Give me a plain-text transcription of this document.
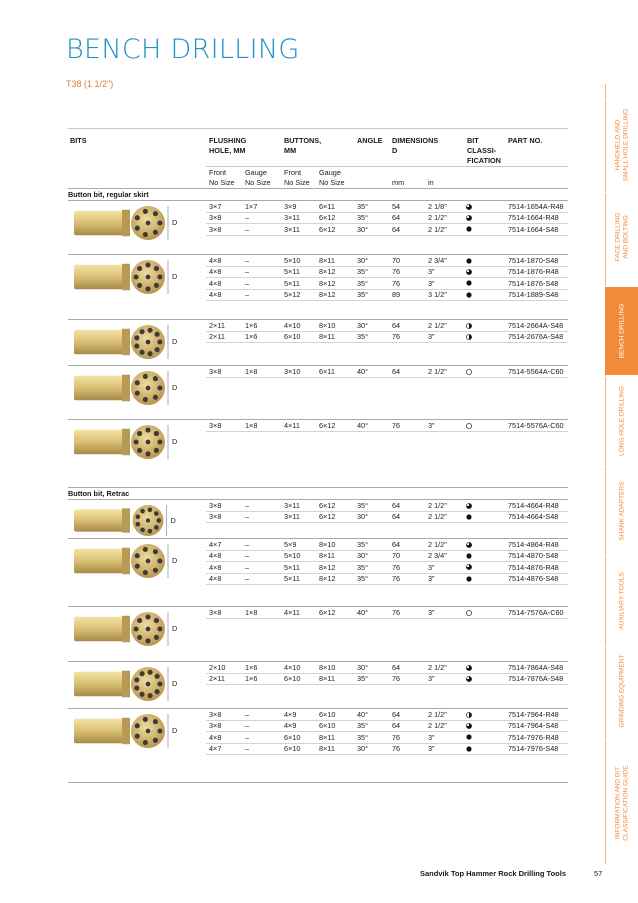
BENCH DRILLING
T38 (1 1/2")
BITS	FLUSHING
HOLE, MM
BUTTONS,
MM
ANGLE DIMENSIONS
D
BIT
CLASSI-
FICATION
PART NO.
Front
No Size
Gauge
No Size
Front
No Size
Gauge
No Size	mm	in
Button bit, regular skirt
D
3×7	1×7	3×9	6×11	35°	54	2 1/8"	7514-1654A-R48
3×8	–	3×11	6×12	35°	64	2 1/2"	7514-1664-R48
3×8	–	3×11	6×12	30°	64	2 1/2"	7514-1664-S48
D
4×8	–	5×10	8×11	30°	70	2 3/4"	7514-1870-S48
4×8	–	5×11	8×12	35°	76	3"	7514-1876-R48
4×8	–	5×11	8×12	35°	76	3"	7514-1876-S48
4×8	–	5×12	8×12	35°	89	3 1/2"	7514-1889-S48
D
2×11	1×6	4×10	8×10	30°	64	2 1/2"	7514-2664A-S48
2×11	1×6	6×10	8×11	35°	76	3"	7514-2676A-S48
D
3×8	1×8	3×10	6×11	40°	64	2 1/2"	7514-5564A-C60
D
3×8	1×8	4×11	6×12	40°	76	3"	7514-5576A-C60
Button bit, Retrac
D
3×8	–	3×11	6×12	35°	64	2 1/2"	7514-4664-R48
3×8	–	3×11	6×12	30°	64	2 1/2"	7514-4664-S48
D
4×7	–	5×9	8×10	35°	64	2 1/2"	7514-4864-R48
4×8	–	5×10	8×11	30°	70	2 3/4"	7514-4870-S48
4×8	–	5×11	8×12	35°	76	3"	7514-4876-R48
4×8	–	5×11	8×12	35°	76	3"	7514-4876-S48
D
3×8	1×8	4×11	6×12	40°	76	3"	7514-7576A-C60
D
2×10	1×6	4×10	8×10	30°	64	2 1/2"	7514-7864A-S48
2×11	1×6	6×10	8×11	35°	76	3"	7514-7876A-S48
D
3×8	–	4×9	6×10	40°	64	2 1/2"	7514-7964-R48
3×8	–	4×9	6×10	35°	64	2 1/2"	7514-7964-S48
4×8	–	6×10	8×11	35°	76	3"	7514-7976-R48
4×7	–	6×10	8×11	30°	76	3"	7514-7976-S48
HANDHELD AND
SMALL HOLE DRILLING
FACE DRILLING
AND BOLTING
BENCH DRILLING
LONG HOLE DRILLING
SHANK ADAPTERS
AUXILIARY TOOLS
GRINDING EQUIPMENT
INFORMATION AND BIT
CLASSIFICATION GUIDE
Sandvik Top Hammer Rock Drilling Tools	57
